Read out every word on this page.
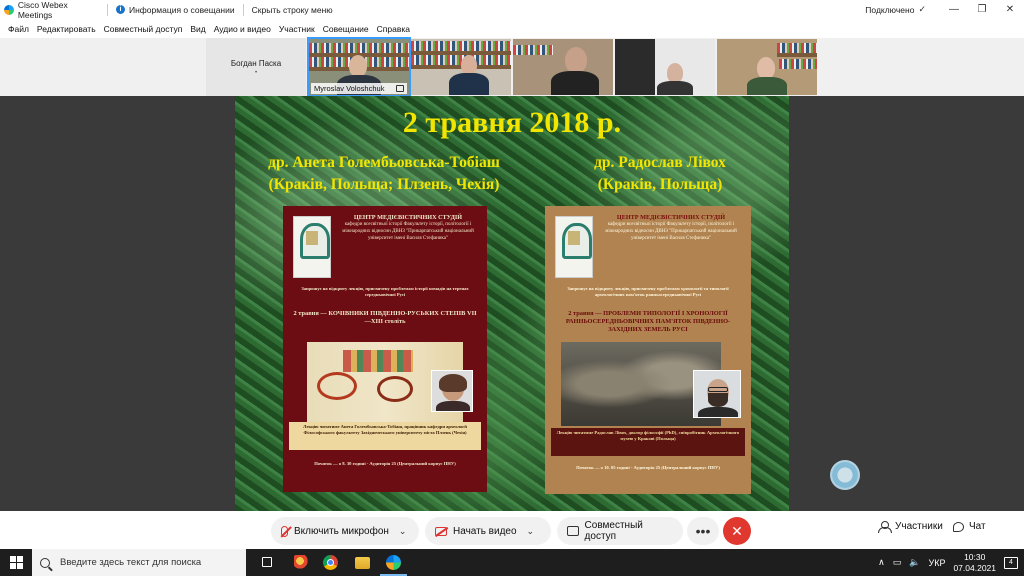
Cisco Webex Meetings	i Информация о совещании Скрыть строку меню	Подключено ✓	—	❐	✕
Файл Редактировать Совместный доступ Вид Аудио и видео Участник Совещание Справка
Богдан Паска
•
Myroslav Voloshchuk
2 травня 2018 р.
др. Анета Голембьовська-Тобіаш
(Краків, Польща; Плзень, Чехія)
др. Радослав Лівох
(Краків, Польща)
ЦЕНТР МЕДІЄВІСТИЧНИХ СТУДІЙ
кафедри всесвітньої історії Факультету історії, політології і міжнародних відносин ДВНЗ "Прикарпатський національний університет імені Василя Стефаника"
Запрошує на відкриту лекцію, присвячену проблемам історії номадів на теренах середньовічної Русі
2 травня — КОЧІВНИКИ ПІВДЕННО-РУСЬКИХ СТЕПІВ VII—XIII століть
Лекцію читатиме Анета Голембьовська-Тобіаш, працівник кафедри археології Філософського факультету Західночеського університету міста Плзень (Чехія)
Початок — о 8. 30 годині - Аудиторія 25 (Центральний корпус ПНУ)
ЦЕНТР МЕДІЄВІСТИЧНИХ СТУДІЙ
кафедри всесвітньої історії Факультету історії, політології і міжнародних відносин ДВНЗ "Прикарпатський національний університет імені Василя Стефаника"
Запрошує на відкриту лекцію, присвячену проблемам хронології та типології археологічних пам'яток ранньосередньовічної Русі
2 травня — ПРОБЛЕМИ ТИПОЛОГІЇ І ХРОНОЛОГІЇ РАННЬОСЕРЕДНЬОВІЧНИХ ПАМ'ЯТОК ПІВДЕННО-ЗАХІДНИХ ЗЕМЕЛЬ РУСІ
Лекцію читатиме Радослав Лівох, доктор філософії (PhD), співробітник Археологічного музею у Кракові (Польща)
Початок — о 10. 05 годині - Аудиторія 25 (Центральний корпус ПНУ)
Включить микрофон ⌄	Начать видео ⌄	Совместный доступ	•••	✕	Участники	Чат
Введите здесь текст для поиска	∧ ▭ 🔈 УКР
10:30
07.04.2021	4
